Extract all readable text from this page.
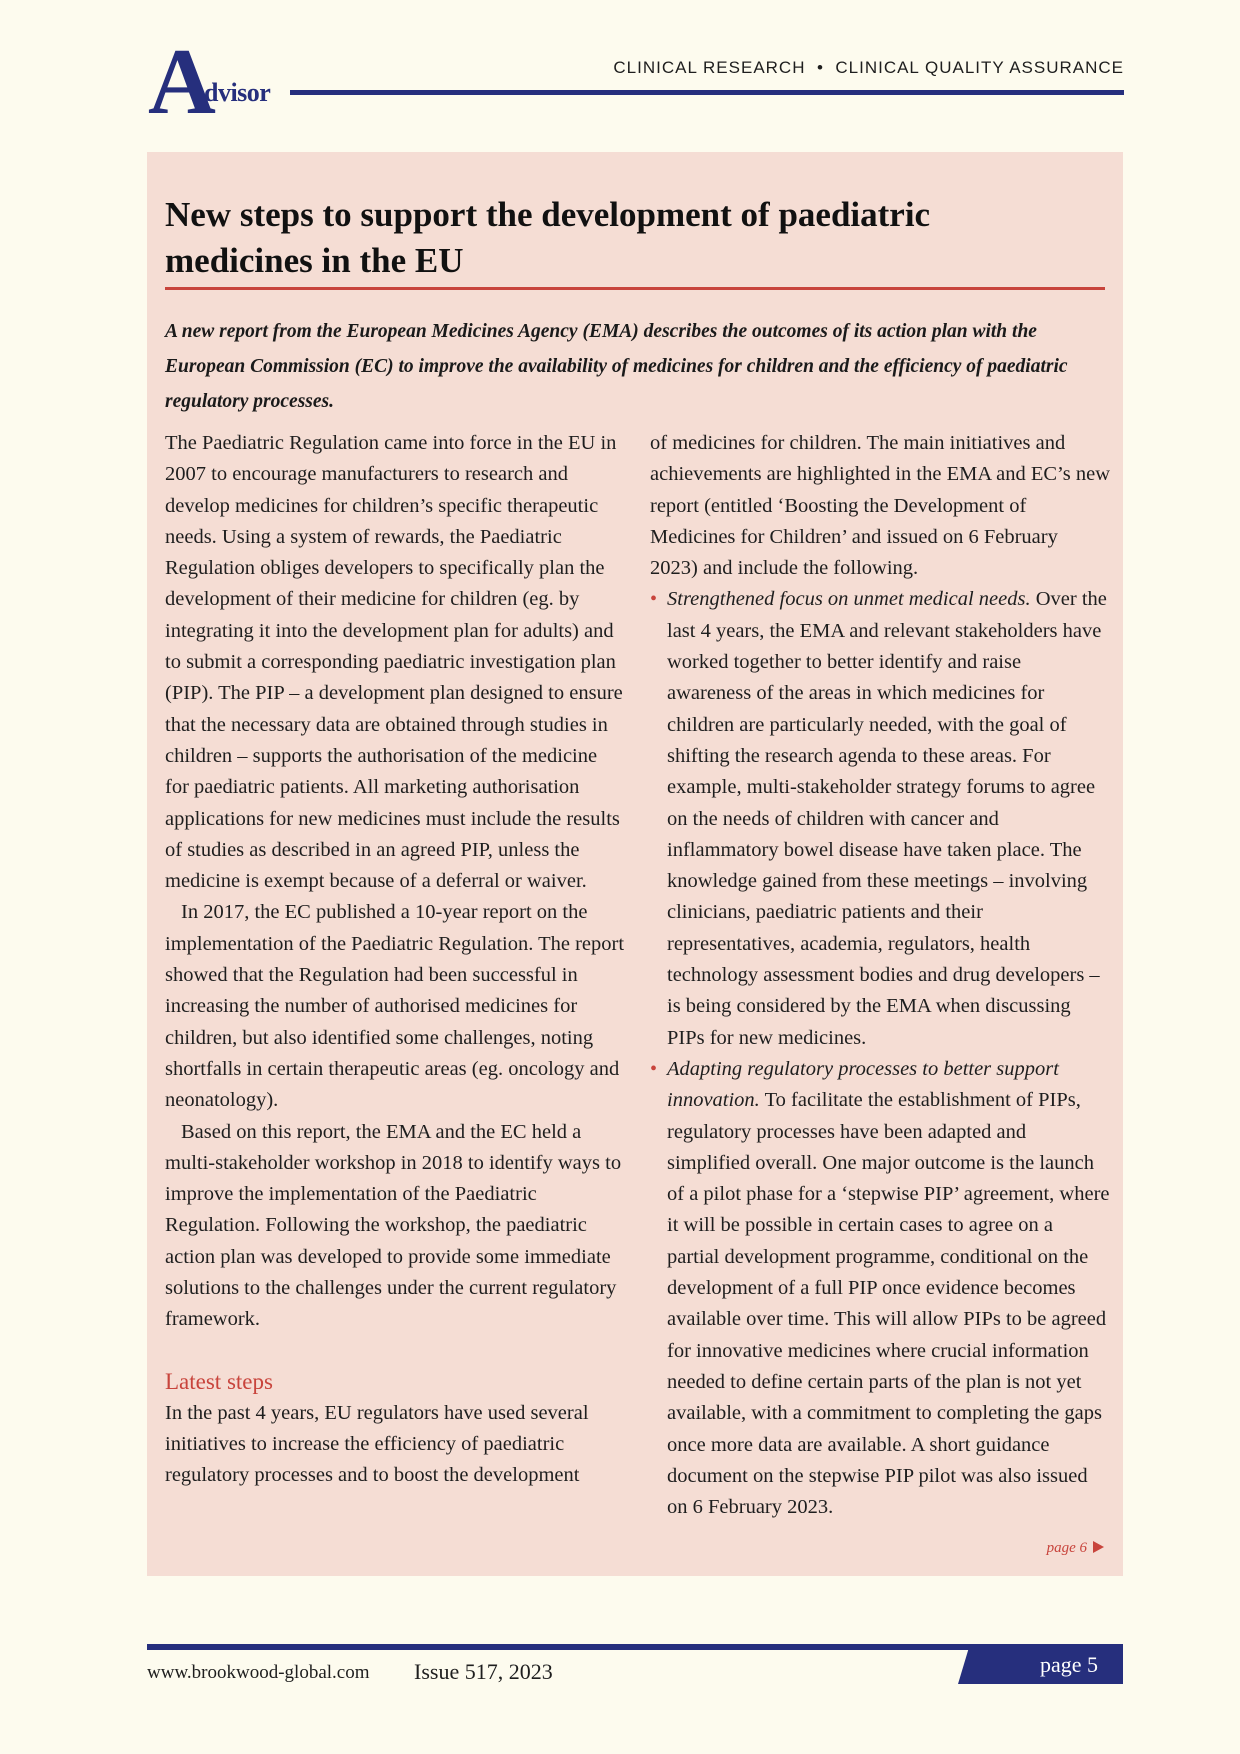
A
dvisor
CLINICAL RESEARCH • CLINICAL QUALITY ASSURANCE
New steps to support the development of paediatric medicines in the EU

A new report from the European Medicines Agency (EMA) describes the outcomes of its action plan with the European Commission (EC) to improve the availability of medicines for children and the efficiency of paediatric regulatory processes.

The Paediatric Regulation came into force in the EU in 2007 to encourage manufacturers to research and develop medicines for children’s specific therapeutic needs. Using a system of rewards, the Paediatric Regulation obliges developers to specifically plan the development of their medicine for children (eg. by integrating it into the development plan for adults) and to submit a corresponding paediatric investigation plan (PIP). The PIP – a development plan designed to ensure that the necessary data are obtained through studies in children – supports the authorisation of the medicine for paediatric patients. All marketing authorisation applications for new medicines must include the results of studies as described in an agreed PIP, unless the medicine is exempt because of a deferral or waiver.

In 2017, the EC published a 10-year report on the implementation of the Paediatric Regulation. The report showed that the Regulation had been successful in increasing the number of authorised medicines for children, but also identified some challenges, noting shortfalls in certain therapeutic areas (eg. oncology and neonatology).

Based on this report, the EMA and the EC held a multi-stakeholder workshop in 2018 to identify ways to improve the implementation of the Paediatric Regulation. Following the workshop, the paediatric action plan was developed to provide some immediate solutions to the challenges under the current regulatory framework.

Latest steps

In the past 4 years, EU regulators have used several initiatives to increase the efficiency of paediatric regulatory processes and to boost the development

of medicines for children. The main initiatives and achievements are highlighted in the EMA and EC’s new report (entitled ‘Boosting the Development of Medicines for Children’ and issued on 6 February 2023) and include the following.

• Strengthened focus on unmet medical needs. Over the last 4 years, the EMA and relevant stakeholders have worked together to better identify and raise awareness of the areas in which medicines for children are particularly needed, with the goal of shifting the research agenda to these areas. For example, multi-stakeholder strategy forums to agree on the needs of children with cancer and inflammatory bowel disease have taken place. The knowledge gained from these meetings – involving clinicians, paediatric patients and their representatives, academia, regulators, health technology assessment bodies and drug developers – is being considered by the EMA when discussing PIPs for new medicines.
• Adapting regulatory processes to better support innovation. To facilitate the establishment of PIPs, regulatory processes have been adapted and simplified overall. One major outcome is the launch of a pilot phase for a ‘stepwise PIP’ agreement, where it will be possible in certain cases to agree on a partial development programme, conditional on the development of a full PIP once evidence becomes available over time. This will allow PIPs to be agreed for innovative medicines where crucial information needed to define certain parts of the plan is not yet available, with a commitment to completing the gaps once more data are available. A short guidance document on the stepwise PIP pilot was also issued on 6 February 2023.
page 6
page 5
www.brookwood-global.com Issue 517, 2023
